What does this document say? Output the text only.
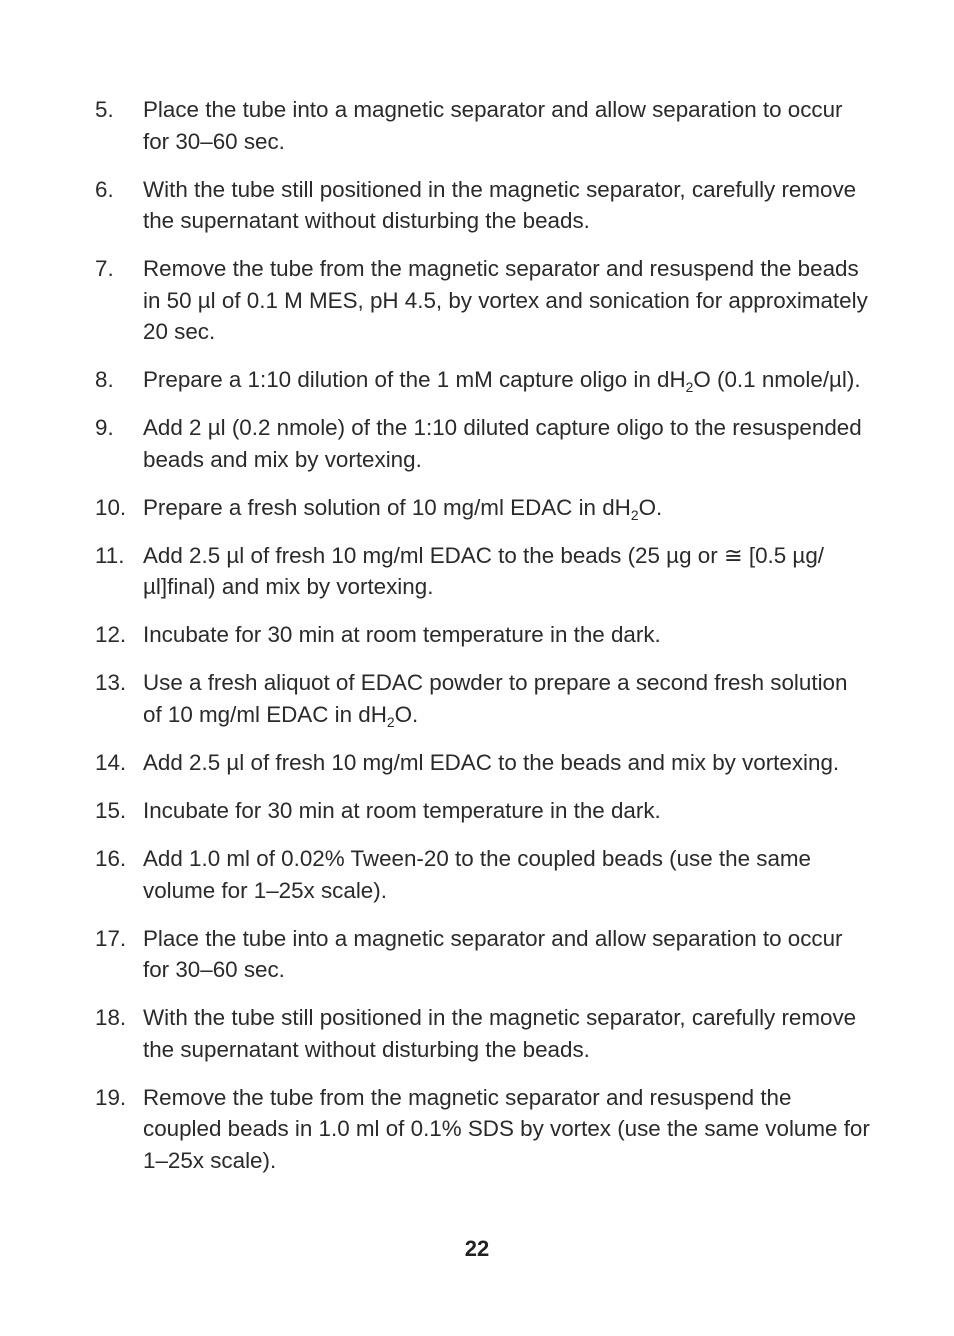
5.	Place the tube into a magnetic separator and allow separation to occur for 30–60 sec.
6.	With the tube still positioned in the magnetic separator, carefully remove the supernatant without disturbing the beads.
7.	Remove the tube from the magnetic separator and resuspend the beads in 50 µl of 0.1 M MES, pH 4.5, by vortex and sonication for approximately 20 sec.
8.	Prepare a 1:10 dilution of the 1 mM capture oligo in $dH_2O$ (0.1 nmole/µl).
9.	Add 2 µl (0.2 nmole) of the 1:10 diluted capture oligo to the resuspended beads and mix by vortexing.
10. Prepare a fresh solution of 10 mg/ml EDAC in $dH_2O$.
11. Add 2.5 µl of fresh 10 mg/ml EDAC to the beads (25 µg or ≅ [0.5 µg/µl]final) and mix by vortexing.
12. Incubate for 30 min at room temperature in the dark.
13. Use a fresh aliquot of EDAC powder to prepare a second fresh solution of 10 mg/ml EDAC in $dH_2O$.
14. Add 2.5 µl of fresh 10 mg/ml EDAC to the beads and mix by vortexing.
15. Incubate for 30 min at room temperature in the dark.
16. Add 1.0 ml of 0.02% Tween-20 to the coupled beads (use the same volume for 1–25x scale).
17. Place the tube into a magnetic separator and allow separation to occur for 30–60 sec.
18. With the tube still positioned in the magnetic separator, carefully remove the supernatant without disturbing the beads.
19. Remove the tube from the magnetic separator and resuspend the coupled beads in 1.0 ml of 0.1% SDS by vortex (use the same volume for 1–25x scale).
22
